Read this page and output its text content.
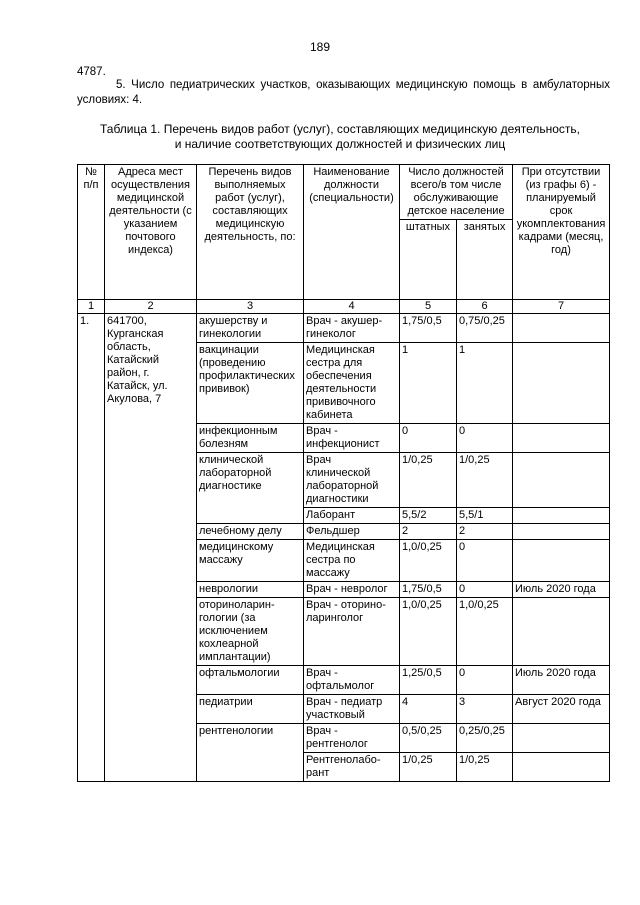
189
4787.
5. Число педиатрических участков, оказывающих медицинскую помощь в амбулаторных условиях: 4.
Таблица 1. Перечень видов работ (услуг), составляющих медицинскую деятельность,
и наличие соответствующих должностей и физических лиц
№ п/п	Адреса мест осуществления медицинской деятельности (с указанием почтового индекса)	Перечень видов выполняемых работ (услуг), составляющих медицинскую деятельность, по:	Наименование должности (специальности)	Число должностей всего/в том числе обслуживающие детское население		При отсутствии (из графы 6) - планируемый срок укомплектования кадрами (месяц, год)
				штатных	занятых	
1	2	3	4	5	6	7
1.	641700, Курганская область, Катайский район, г. Катайск, ул. Акулова, 7	акушерству и гинекологии	Врач - акушер-гинеколог	1,75/0,5	0,75/0,25	
		вакцинации (проведению профилактических прививок)	Медицинская сестра для обеспечения деятельности прививочного кабинета	1	1	
		инфекционным болезням	Врач - инфекционист	0	0	
		клинической лабораторной диагностике	Врач клинической лабораторной диагностики	1/0,25	1/0,25	
			Лаборант	5,5/2	5,5/1	
		лечебному делу	Фельдшер	2	2	
		медицинскому массажу	Медицинская сестра по массажу	1,0/0,25	0	
		неврологии	Врач - невролог	1,75/0,5	0	Июль 2020 года
		оториноларин-гологии (за исключением кохлеарной имплантации)	Врач - оторино-ларинголог	1,0/0,25	1,0/0,25	
		офтальмологии	Врач - офтальмолог	1,25/0,5	0	Июль 2020 года
		педиатрии	Врач - педиатр участковый	4	3	Август 2020 года
		рентгенологии	Врач - рентгенолог	0,5/0,25	0,25/0,25	
			Рентгенолабо-рант	1/0,25	1/0,25	
